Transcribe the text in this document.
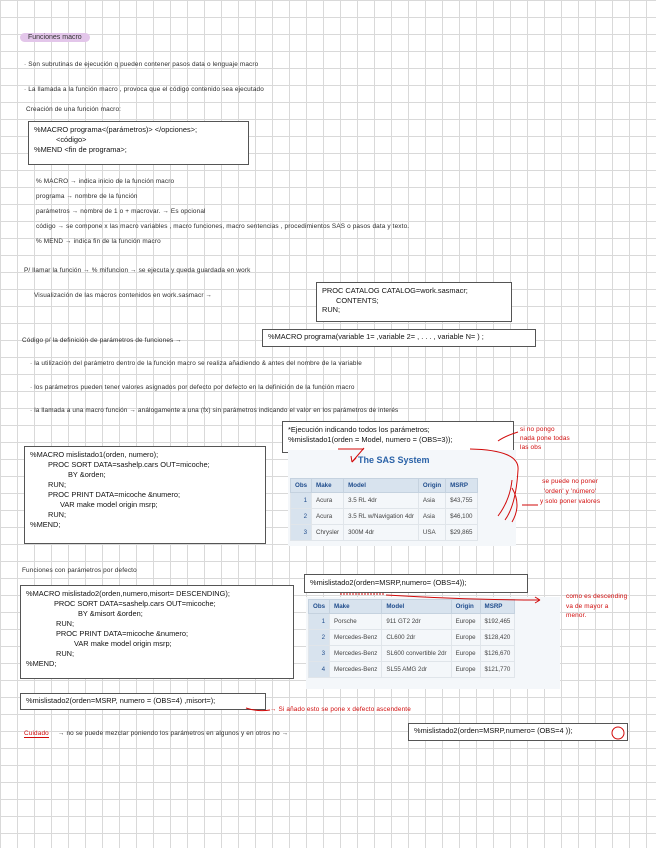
Funciones macro
· Son subrutinas de ejecución q pueden contener pasos data o lenguaje macro
· La llamada a la función macro , provoca que el código contenido sea ejecutado
Creación de una función macro:
%MACRO programa<(parámetros)> </opciones>;
<código>
%MEND <fin de programa>;
% MACRO → indica inicio de la función macro
programa → nombre de la función
parámetros → nombre de 1 o + macrovar. → Es opcional
código → se compone x las macro variables , macro funciones, macro sentencias , procedimientos SAS o pasos data y texto.
% MEND → indica fin de la función macro
P/ llamar la función → % mifuncion → se ejecuta y queda guardada en work
Visualización de las macros contenidos en work.sasmacr →
PROC CATALOG CATALOG=work.sasmacr;
CONTENTS;
RUN;
Código p/ la definición de parámetros de funciones →	%MACRO programa(variable 1= ,variable 2= , . . . , variable N= ) ;
· la utilización del parámetro dentro de la función macro se realiza añadiendo & antes del nombre de la variable
· los parámetros pueden tener valores asignados por defecto por defecto en la definición de la función macro
· la llamada a una macro función → análogamente a una (fx) sin parámetros indicando el valor en los parámetros de interés
*Ejecución indicando todos los parámetros;
%mislistado1(orden = Model, numero = (OBS=3));
%MACRO mislistado1(orden, numero);
PROC SORT DATA=sashelp.cars OUT=micoche;
BY &orden;
RUN;
PROC PRINT DATA=micoche &numero;
VAR make model origin msrp;
RUN;
%MEND;
The SAS System
Obs	Make	Model	Origin	MSRP
1	Acura	3.5 RL 4dr	Asia	$43,755
2	Acura	3.5 RL w/Navigation 4dr	Asia	$46,100
3	Chrysler	300M 4dr	USA	$29,865
si no pongo
nada pone todas
las obs
se puede no poner
'orden' y 'número'
y solo poner valores
Funciones con parámetros por defecto
%mislistado2(orden=MSRP,numero= (OBS=4));
%MACRO mislistado2(orden,numero,misort= DESCENDING);
PROC SORT DATA=sashelp.cars OUT=micoche;
BY &misort &orden;
RUN;
PROC PRINT DATA=micoche &numero;
VAR make model origin msrp;
RUN;
%MEND;
Obs	Make	Model	Origin	MSRP
1	Porsche	911 GT2 2dr	Europe	$192,465
2	Mercedes-Benz	CL600 2dr	Europe	$128,420
3	Mercedes-Benz	SL600 convertible 2dr	Europe	$126,670
4	Mercedes-Benz	SL55 AMG 2dr	Europe	$121,770
como es descending
va de mayor a
menor.
%mislistado2(orden=MSRP, numero = (OBS=4) ,misort=);
→ Si añado esto se pone x defecto ascendente
Cuidado → no se puede mezclar poniendo los parámetros en algunos y en otros no →	%mislistado2(orden=MSRP,numero= (OBS=4 ));
